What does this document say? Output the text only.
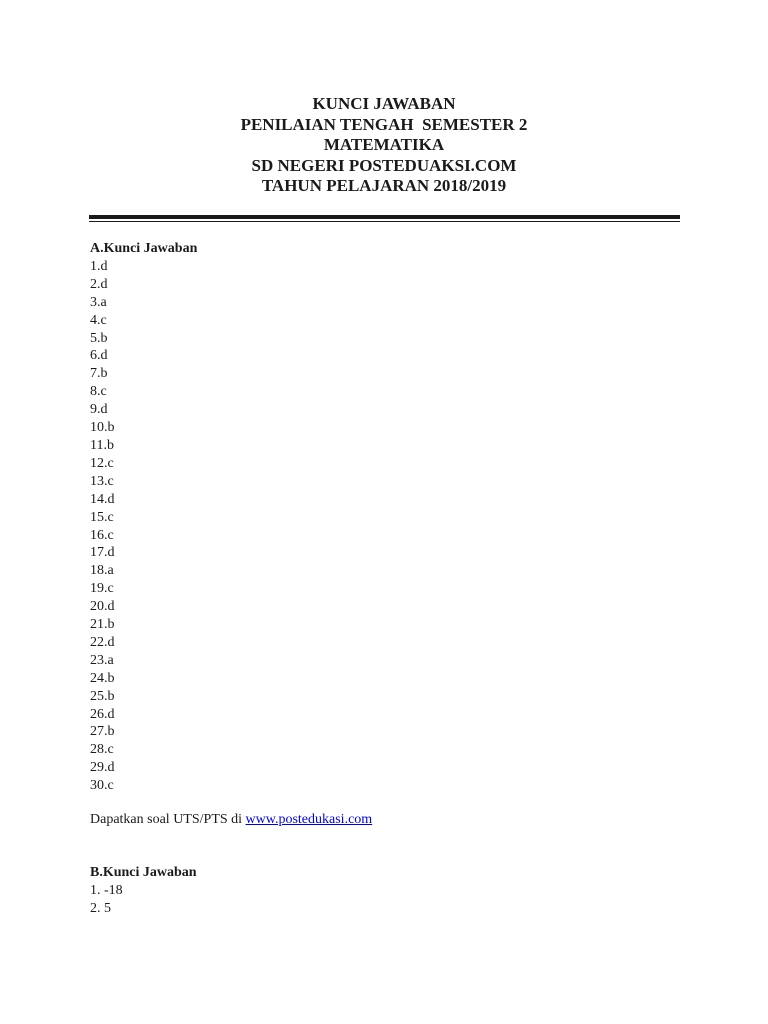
KUNCI JAWABAN
PENILAIAN TENGAH  SEMESTER 2
MATEMATIKA
SD NEGERI POSTEDUAKSI.COM
TAHUN PELAJARAN 2018/2019
A.Kunci Jawaban
1.d
2.d
3.a
4.c
5.b
6.d
7.b
8.c
9.d
10.b
11.b
12.c
13.c
14.d
15.c
16.c
17.d
18.a
19.c
20.d
21.b
22.d
23.a
24.b
25.b
26.d
27.b
28.c
29.d
30.c
Dapatkan soal UTS/PTS di www.postedukasi.com
B.Kunci Jawaban
1. -18
2. 5
